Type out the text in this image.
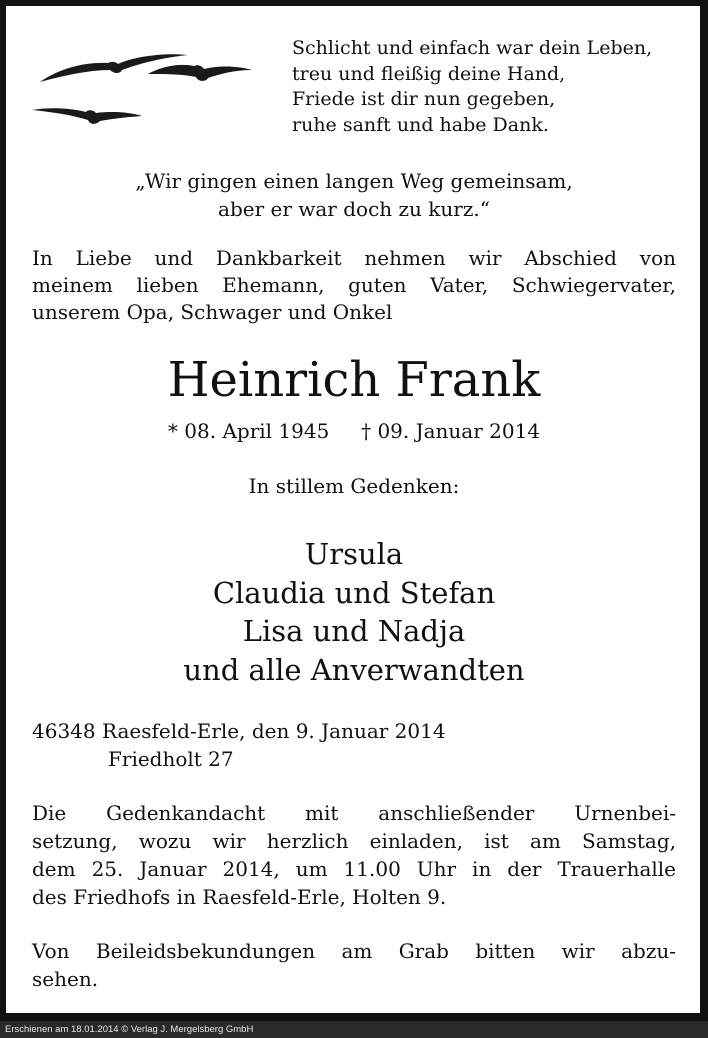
Schlicht und einfach war dein Leben,
treu und fleißig deine Hand,
Friede ist dir nun gegeben,
ruhe sanft und habe Dank.
„Wir gingen einen langen Weg gemeinsam,
aber er war doch zu kurz.“
In Liebe und Dankbarkeit nehmen wir Abschied von
meinem lieben Ehemann, guten Vater, Schwiegervater,
unserem Opa, Schwager und Onkel
Heinrich Frank
* 08. April 1945     † 09. Januar 2014
In stillem Gedenken:
Ursula
Claudia und Stefan
Lisa und Nadja
und alle Anverwandten
46348 Raesfeld-Erle, den 9. Januar 2014
Friedholt 27
Die Gedenkandacht mit anschließender Urnenbei-
setzung, wozu wir herzlich einladen, ist am Samstag,
dem 25. Januar 2014, um 11.00 Uhr in der Trauerhalle
des Friedhofs in Raesfeld-Erle, Holten 9.
Von Beileidsbekundungen am Grab bitten wir abzu-
sehen.
Erschienen am 18.01.2014 © Verlag J. Mergelsberg GmbH
